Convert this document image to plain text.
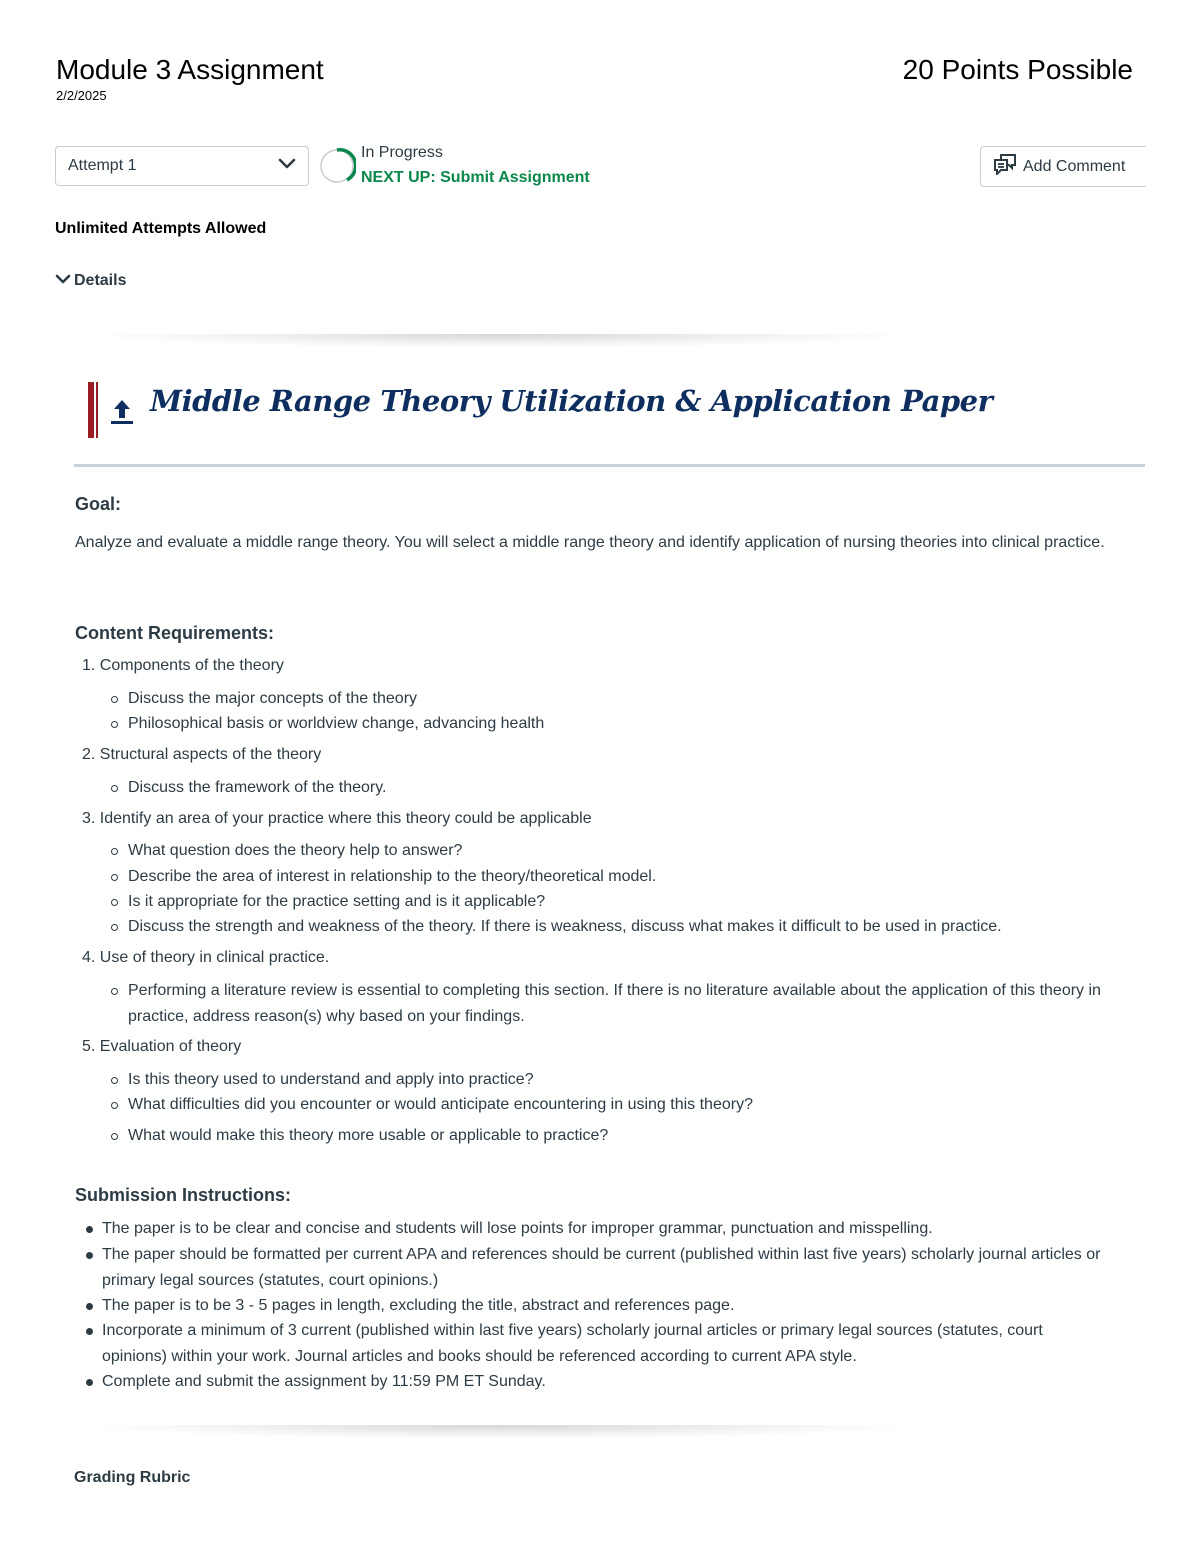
Module 3 Assignment
2/2/2025
20 Points Possible
Attempt 1
In Progress
NEXT UP: Submit Assignment
Add Comment
Unlimited Attempts Allowed
Details
Middle Range Theory Utilization & Application Paper
Goal:
Analyze and evaluate a middle range theory. You will select a middle range theory and identify application of nursing theories into clinical practice.
Content Requirements:
1. Components of the theory
Discuss the major concepts of the theory
Philosophical basis or worldview change, advancing health
2. Structural aspects of the theory
Discuss the framework of the theory.
3. Identify an area of your practice where this theory could be applicable
What question does the theory help to answer?
Describe the area of interest in relationship to the theory/theoretical model.
Is it appropriate for the practice setting and is it applicable?
Discuss the strength and weakness of the theory. If there is weakness, discuss what makes it difficult to be used in practice.
4. Use of theory in clinical practice.
Performing a literature review is essential to completing this section. If there is no literature available about the application of this theory in practice, address reason(s) why based on your findings.
5. Evaluation of theory
Is this theory used to understand and apply into practice?
What difficulties did you encounter or would anticipate encountering in using this theory?
What would make this theory more usable or applicable to practice?
Submission Instructions:
The paper is to be clear and concise and students will lose points for improper grammar, punctuation and misspelling.
The paper should be formatted per current APA and references should be current (published within last five years) scholarly journal articles or primary legal sources (statutes, court opinions.)
The paper is to be 3 - 5 pages in length, excluding the title, abstract and references page.
Incorporate a minimum of 3 current (published within last five years) scholarly journal articles or primary legal sources (statutes, court opinions) within your work. Journal articles and books should be referenced according to current APA style.
Complete and submit the assignment by 11:59 PM ET Sunday.
Grading Rubric
